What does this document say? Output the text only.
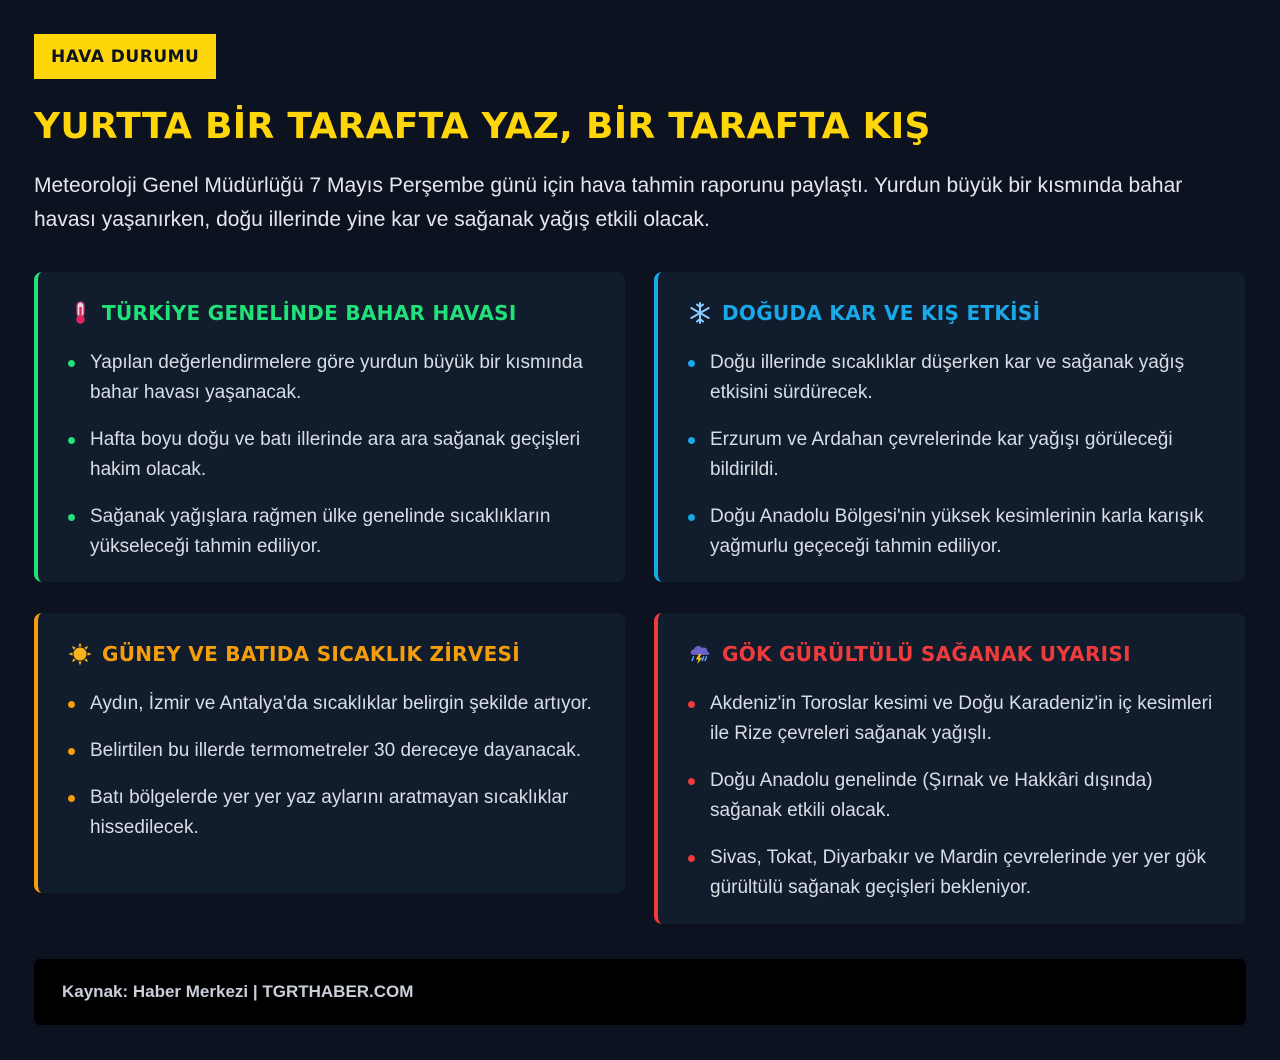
HAVA DURUMU
YURTTA BİR TARAFTA YAZ, BİR TARAFTA KIŞ

Meteoroloji Genel Müdürlüğü 7 Mayıs Perşembe günü için hava tahmin raporunu paylaştı. Yurdun büyük bir kısmında bahar havası yaşanırken, doğu illerinde yine kar ve sağanak yağış etkili olacak.

TÜRKİYE GENELİNDE BAHAR HAVASI
Yapılan değerlendirmelere göre yurdun büyük bir kısmında bahar havası yaşanacak.
Hafta boyu doğu ve batı illerinde ara ara sağanak geçişleri hakim olacak.
Sağanak yağışlara rağmen ülke genelinde sıcaklıkların yükseleceği tahmin ediliyor.
DOĞUDA KAR VE KIŞ ETKİSİ
Doğu illerinde sıcaklıklar düşerken kar ve sağanak yağış etkisini sürdürecek.
Erzurum ve Ardahan çevrelerinde kar yağışı görüleceği bildirildi.
Doğu Anadolu Bölgesi'nin yüksek kesimlerinin karla karışık yağmurlu geçeceği tahmin ediliyor.
GÜNEY VE BATIDA SICAKLIK ZİRVESİ
Aydın, İzmir ve Antalya'da sıcaklıklar belirgin şekilde artıyor.
Belirtilen bu illerde termometreler 30 dereceye dayanacak.
Batı bölgelerde yer yer yaz aylarını aratmayan sıcaklıklar hissedilecek.
GÖK GÜRÜLTÜLÜ SAĞANAK UYARISI
Akdeniz'in Toroslar kesimi ve Doğu Karadeniz'in iç kesimleri ile Rize çevreleri sağanak yağışlı.
Doğu Anadolu genelinde (Şırnak ve Hakkâri dışında) sağanak etkili olacak.
Sivas, Tokat, Diyarbakır ve Mardin çevrelerinde yer yer gök gürültülü sağanak geçişleri bekleniyor.
Kaynak: Haber Merkezi | TGRTHABER.COM
